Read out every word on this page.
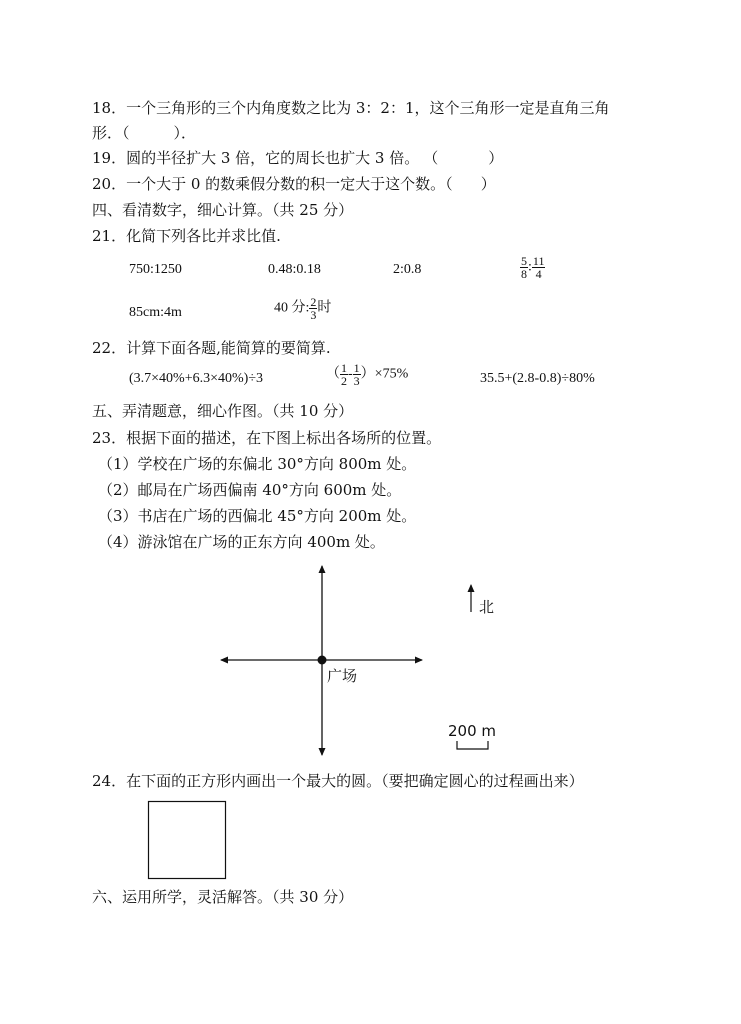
18．一个三角形的三个内角度数之比为 3：2：1，这个三角形一定是直角三角
形．（	）．
19．圆的半径扩大 3 倍，它的周长也扩大 3 倍。 （	）
20．一个大于 0 的数乘假分数的积一定大于这个数。（ ）
四、看清数字，细心计算。（共 25 分）
21．化简下列各比并求比值.
750:1250	0.48:0.18	2:0.8	$\frac{5}{8}$ : $\frac{11}{4}$
85cm:4m	40 分: $\frac{2}{3}$ 时
22．计算下面各题,能简算的要简算.
(3.7×40%+6.3×40%)÷3	（ $\frac{1}{2} - \frac{1}{3} )\times 75\%$	35.5+(2.8-0.8)÷80%
五、弄清题意，细心作图。（共 10 分）
23．根据下面的描述，在下图上标出各场所的位置。
（1）学校在广场的东偏北 30°方向 800m 处。
（2）邮局在广场西偏南 40°方向 600m 处。
（3）书店在广场的西偏北 45°方向 200m 处。
（4）游泳馆在广场的正东方向 400m 处。
广场
北
200 m
24．在下面的正方形内画出一个最大的圆。（要把确定圆心的过程画出来）
六、运用所学，灵活解答。（共 30 分）
